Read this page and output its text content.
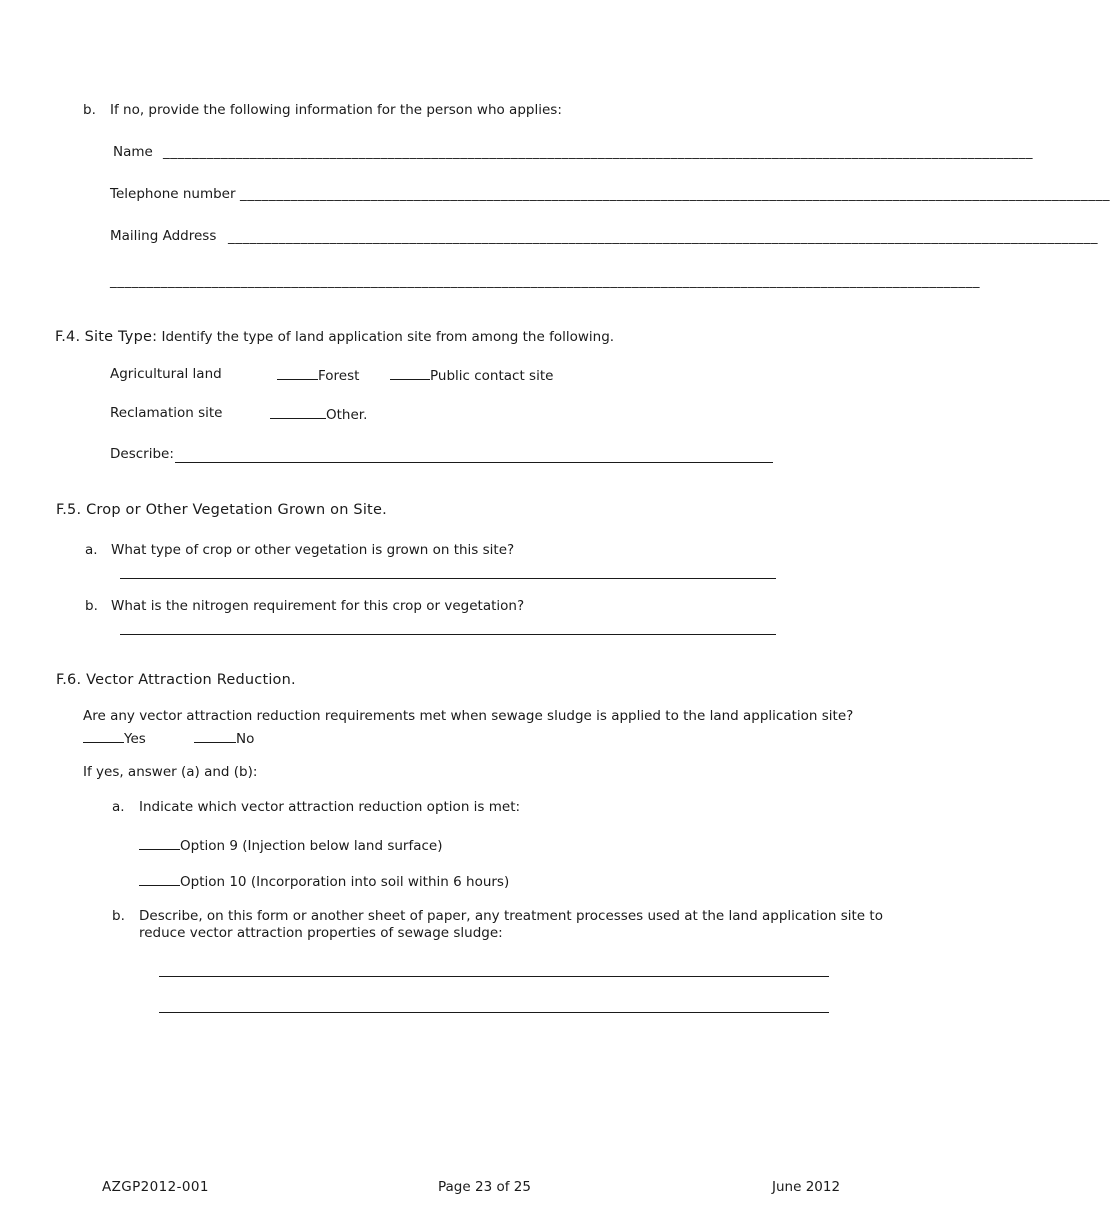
b. If no, provide the following information for the person who applies:
Name ________________________________________________________________________________________________________________________
Telephone number ________________________________________________________________________________________________________________________
Mailing Address ________________________________________________________________________________________________________________________
________________________________________________________________________________________________________________________
F.4. Site Type: Identify the type of land application site from among the following.
Agricultural land	Forest	Public contact site
Reclamation site	Other.
Describe:
F.5. Crop or Other Vegetation Grown on Site.
a. What type of crop or other vegetation is grown on this site?
b. What is the nitrogen requirement for this crop or vegetation?
F.6. Vector Attraction Reduction.
Are any vector attraction reduction requirements met when sewage sludge is applied to the land application site?
Yes	No
If yes, answer (a) and (b):
a. Indicate which vector attraction reduction option is met:
Option 9 (Injection below land surface)
Option 10 (Incorporation into soil within 6 hours)
b. Describe, on this form or another sheet of paper, any treatment processes used at the land application site to
reduce vector attraction properties of sewage sludge:
AZGP2012-001	Page 23 of 25	June 2012
